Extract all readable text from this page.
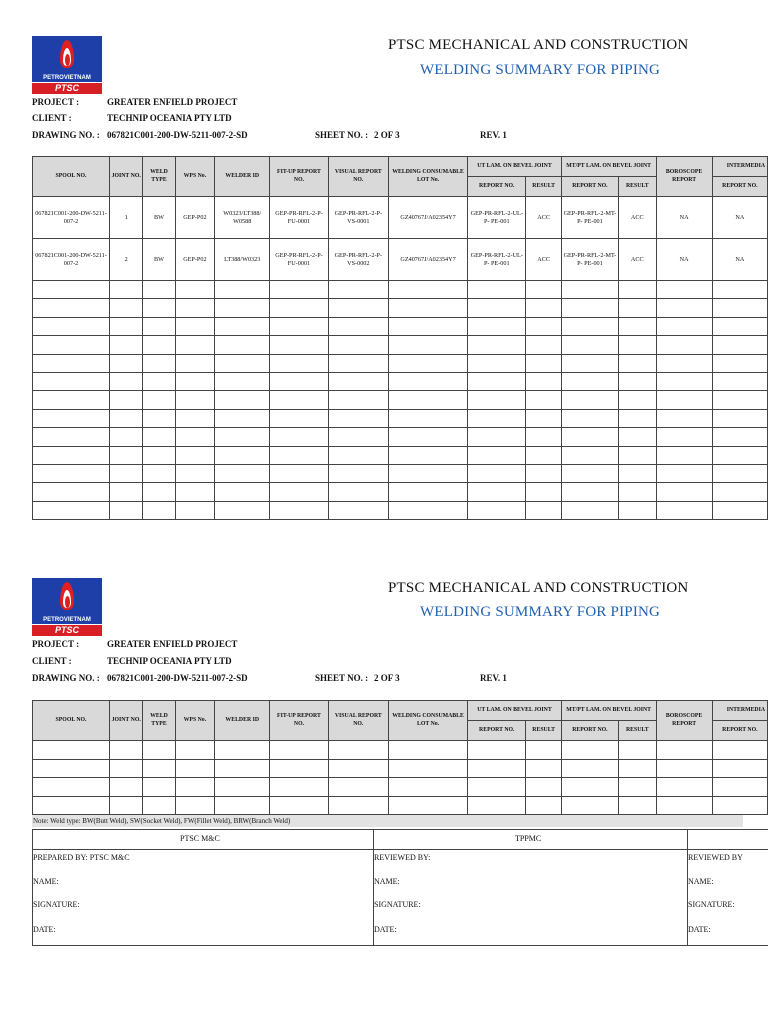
PETROVIETNAM
PTSC
PTSC MECHANICAL AND CONSTRUCTION
WELDING SUMMARY FOR PIPING
PROJECT :	GREATER ENFIELD PROJECT
CLIENT :	TECHNIP OCEANIA PTY LTD
DRAWING NO. : 067821C001-200-DW-5211-007-2-SD	SHEET NO. : 2 OF 3	REV. 1
SPOOL NO.	JOINT NO.	WELD TYPE	WPS No.	WELDER ID	FIT-UP REPORT NO.	VISUAL REPORT NO.	WELDING CONSUMABLE LOT No.	UT LAM. ON BEVEL JOINT		MT/PT LAM. ON BEVEL JOINT		BOROSCOPE REPORT	INTERMEDIA
								REPORT NO.	RESULT	REPORT NO.	RESULT		REPORT NO.
067821C001-200-DW-5211-007-2	1	BW	GEP-P02	W0323/LT388/ W0588	GEP-PR-RFL-2-P-FU-0001	GEP-PR-RFL-2-P-VS-0001	GZ40767J/A02354Y7	GEP-PR-RFL-2-UL-P- PE-001	ACC	GEP-PR-RFL-2-MT-P- PE-001	ACC	NA	NA
067821C001-200-DW-5211-007-2	2	BW	GEP-P02	LT388/W0323	GEP-PR-RFL-2-P-FU-0001	GEP-PR-RFL-2-P-VS-0002	GZ40767J/A02354Y7	GEP-PR-RFL-2-UL-P- PE-001	ACC	GEP-PR-RFL-2-MT-P- PE-001	ACC	NA	NA

PETROVIETNAM
PTSC
PTSC MECHANICAL AND CONSTRUCTION
WELDING SUMMARY FOR PIPING
PROJECT :	GREATER ENFIELD PROJECT
CLIENT :	TECHNIP OCEANIA PTY LTD
DRAWING NO. : 067821C001-200-DW-5211-007-2-SD	SHEET NO. : 2 OF 3	REV. 1
SPOOL NO.	JOINT NO.	WELD TYPE	WPS No.	WELDER ID	FIT-UP REPORT NO.	VISUAL REPORT NO.	WELDING CONSUMABLE LOT No.	UT LAM. ON BEVEL JOINT		MT/PT LAM. ON BEVEL JOINT		BOROSCOPE REPORT	INTERMEDIA
								REPORT NO.	RESULT	REPORT NO.	RESULT		REPORT NO.

Note: Weld type: BW(Butt Weld), SW(Socket Weld), FW(Fillet Weld), BRW(Branch Weld)
PTSC M&C	TPPMC
PREPARED BY: PTSC M&C
NAME:
SIGNATURE:
DATE:
REVIEWED BY:
NAME:
SIGNATURE:
DATE:
REVIEWED BY
NAME:
SIGNATURE:
DATE:
